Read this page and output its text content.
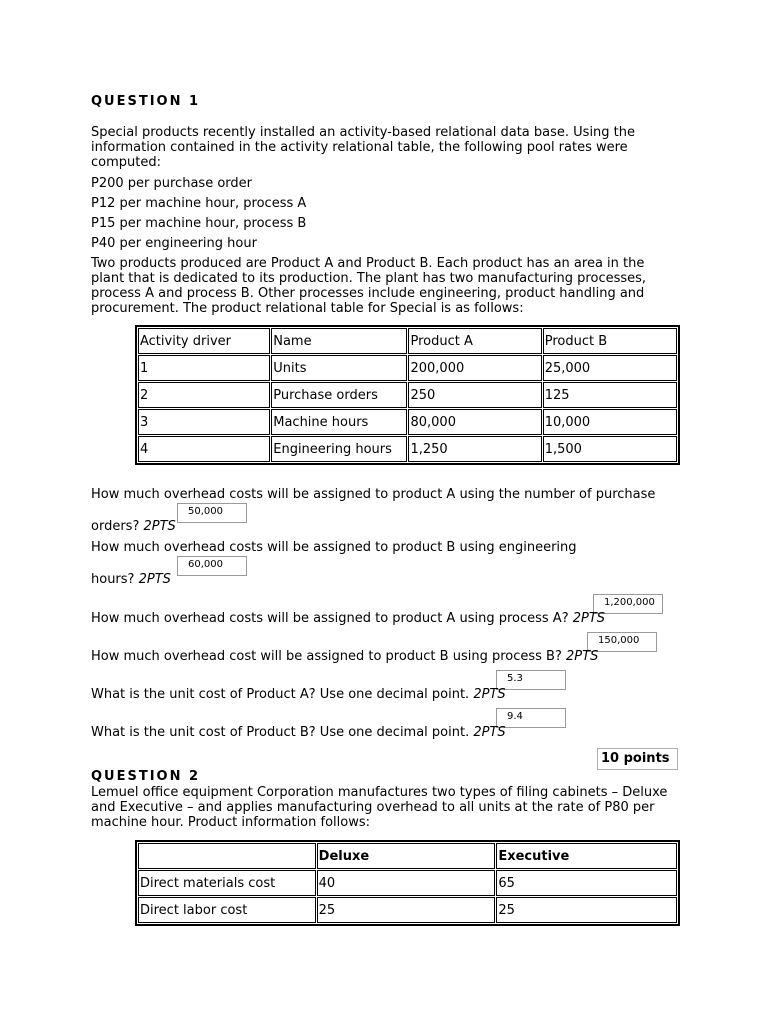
QUESTION 1
Special products recently installed an activity-based relational data base. Using the information contained in the activity relational table, the following pool rates were computed:
P200 per purchase order
P12 per machine hour, process A
P15 per machine hour, process B
P40 per engineering hour
Two products produced are Product A and Product B. Each product has an area in the plant that is dedicated to its production. The plant has two manufacturing processes, process A and process B. Other processes include engineering, product handling and procurement. The product relational table for Special is as follows:
Activity driver	Name	Product A	Product B
1	Units	200,000	25,000
2	Purchase orders	250	125
3	Machine hours	80,000	10,000
4	Engineering hours	1,250	1,500
How much overhead costs will be assigned to product A using the number of purchase
50,000
orders? 2PTS
How much overhead costs will be assigned to product B using engineering
60,000
hours? 2PTS
1,200,000
How much overhead costs will be assigned to product A using process A? 2PTS
150,000
How much overhead cost will be assigned to product B using process B? 2PTS
5.3
What is the unit cost of Product A? Use one decimal point. 2PTS
9.4
What is the unit cost of Product B? Use one decimal point. 2PTS
10 points
QUESTION 2
Lemuel office equipment Corporation manufactures two types of filing cabinets – Deluxe and Executive – and applies manufacturing overhead to all units at the rate of P80 per machine hour. Product information follows:
	Deluxe	Executive
Direct materials cost	40	65
Direct labor cost	25	25
